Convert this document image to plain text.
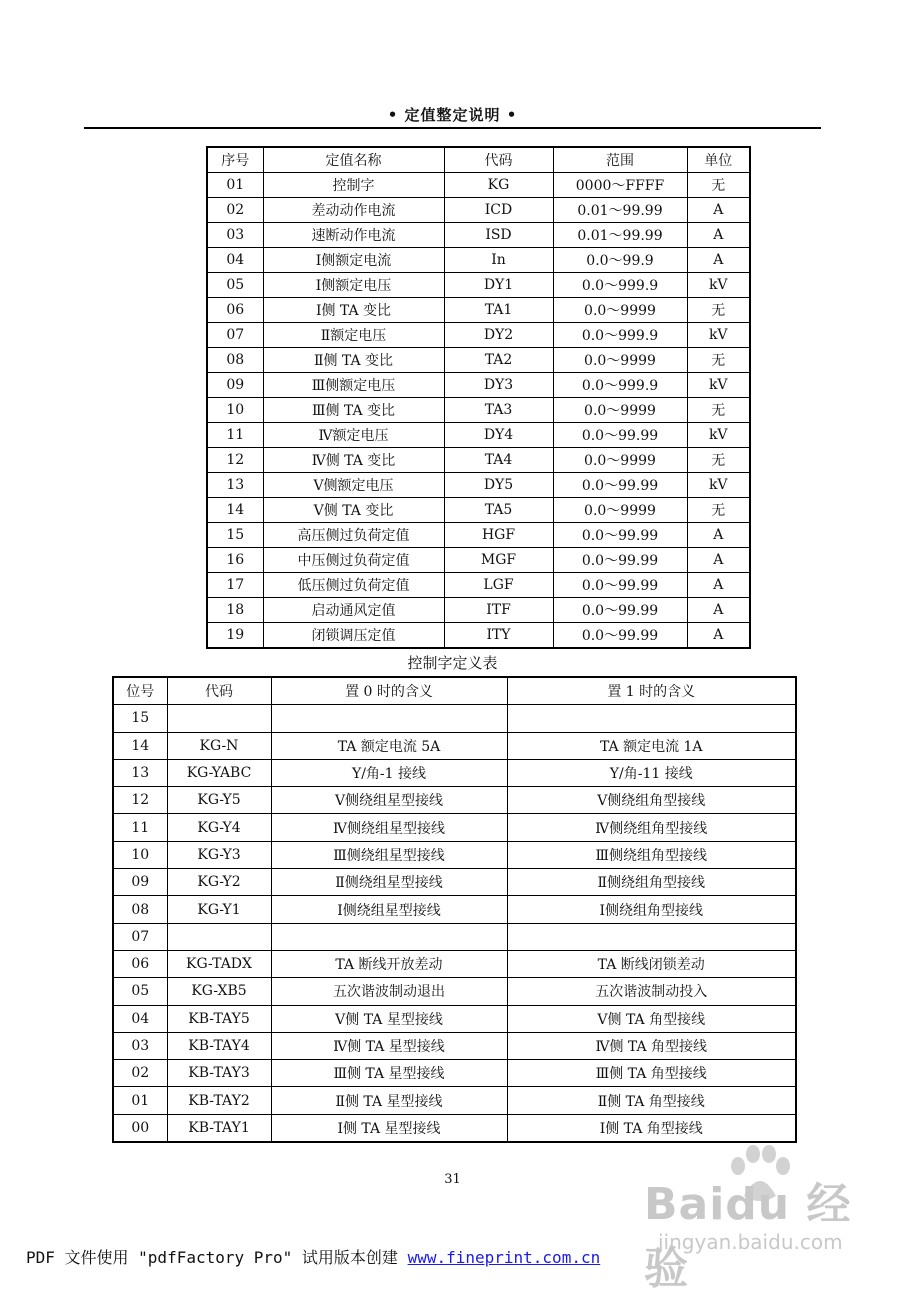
• 定值整定说明 •
序号	定值名称	代码	范围	单位
01	控制字	KG	0000～FFFF	无
02	差动动作电流	ICD	0.01～99.99	A
03	速断动作电流	ISD	0.01～99.99	A
04	Ⅰ侧额定电流	In	0.0～99.9	A
05	Ⅰ侧额定电压	DY1	0.0～999.9	kV
06	Ⅰ侧 TA 变比	TA1	0.0～9999	无
07	Ⅱ额定电压	DY2	0.0～999.9	kV
08	Ⅱ侧 TA 变比	TA2	0.0～9999	无
09	Ⅲ侧额定电压	DY3	0.0～999.9	kV
10	Ⅲ侧 TA 变比	TA3	0.0～9999	无
11	Ⅳ额定电压	DY4	0.0～99.99	kV
12	Ⅳ侧 TA 变比	TA4	0.0～9999	无
13	Ⅴ侧额定电压	DY5	0.0～99.99	kV
14	Ⅴ侧 TA 变比	TA5	0.0～9999	无
15	高压侧过负荷定值	HGF	0.0～99.99	A
16	中压侧过负荷定值	MGF	0.0～99.99	A
17	低压侧过负荷定值	LGF	0.0～99.99	A
18	启动通风定值	ITF	0.0～99.99	A
19	闭锁调压定值	ITY	0.0～99.99	A
控制字定义表
位号	代码	置 0 时的含义	置 1 时的含义
15			
14	KG-N	TA 额定电流 5A	TA 额定电流 1A
13	KG-YABC	Y/角-1 接线	Y/角-11 接线
12	KG-Y5	Ⅴ侧绕组星型接线	Ⅴ侧绕组角型接线
11	KG-Y4	Ⅳ侧绕组星型接线	Ⅳ侧绕组角型接线
10	KG-Y3	Ⅲ侧绕组星型接线	Ⅲ侧绕组角型接线
09	KG-Y2	Ⅱ侧绕组星型接线	Ⅱ侧绕组角型接线
08	KG-Y1	Ⅰ侧绕组星型接线	Ⅰ侧绕组角型接线
07			
06	KG-TADX	TA 断线开放差动	TA 断线闭锁差动
05	KG-XB5	五次谐波制动退出	五次谐波制动投入
04	KB-TAY5	Ⅴ侧 TA 星型接线	Ⅴ侧 TA 角型接线
03	KB-TAY4	Ⅳ侧 TA 星型接线	Ⅳ侧 TA 角型接线
02	KB-TAY3	Ⅲ侧 TA 星型接线	Ⅲ侧 TA 角型接线
01	KB-TAY2	Ⅱ侧 TA 星型接线	Ⅱ侧 TA 角型接线
00	KB-TAY1	Ⅰ侧 TA 星型接线	Ⅰ侧 TA 角型接线
31
PDF 文件使用 "pdfFactory Pro" 试用版本创建 www.fineprint.com.cn
Baidu 经验
jingyan.baidu.com
